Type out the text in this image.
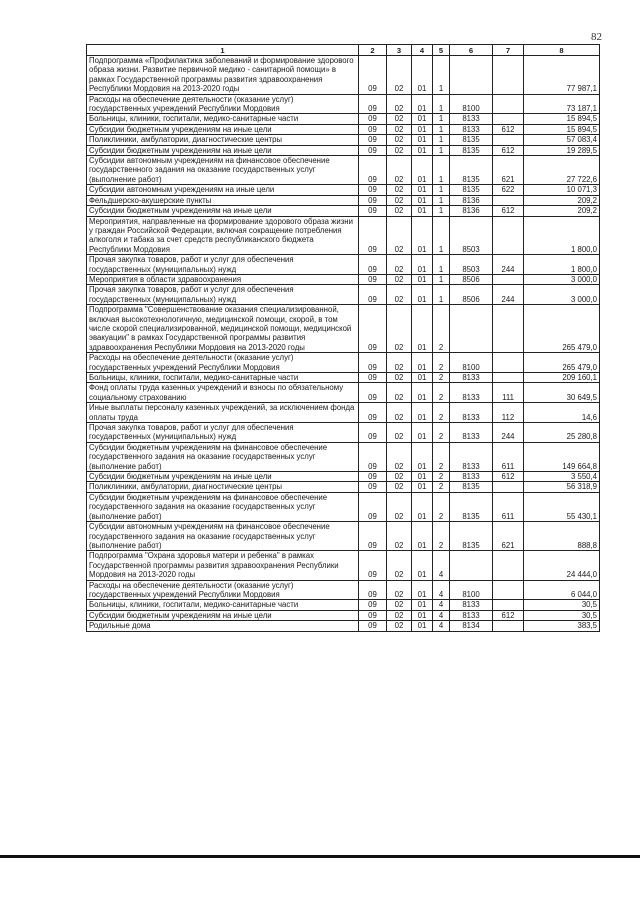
82
1	2	3	4	5	6	7	8
Подпрограмма «Профилактика заболеваний и формирование здорового образа жизни. Развитие первичной медико - санитарной помощи» в рамках Государственной программы развития здравоохранения Республики Мордовия на 2013-2020 годы	09	02	01	1			77 987,1
Расходы на обеспечение деятельности (оказание услуг) государственных учреждений Республики Мордовия	09	02	01	1	8100		73 187,1
Больницы, клиники, госпитали, медико-санитарные части	09	02	01	1	8133		15 894,5
Субсидии бюджетным учреждениям на иные цели	09	02	01	1	8133	612	15 894,5
Поликлиники, амбулатории, диагностические центры	09	02	01	1	8135		57 083,4
Субсидии бюджетным учреждениям на иные цели	09	02	01	1	8135	612	19 289,5
Субсидии автономным учреждениям на финансовое обеспечение государственного задания на оказание государственных услуг (выполнение работ)	09	02	01	1	8135	621	27 722,6
Субсидии автономным учреждениям на иные цели	09	02	01	1	8135	622	10 071,3
Фельдшерско-акушерские пункты	09	02	01	1	8136		209,2
Субсидии бюджетным учреждениям на иные цели	09	02	01	1	8136	612	209,2
Мероприятия, направленные на формирование здорового образа жизни у граждан Российской Федерации, включая сокращение потребления алкоголя и табака за счет средств республиканского бюджета Республики Мордовия	09	02	01	1	8503		1 800,0
Прочая закупка товаров, работ и услуг для обеспечения государственных (муниципальных) нужд	09	02	01	1	8503	244	1 800,0
Мероприятия в области здравоохранения	09	02	01	1	8506		3 000,0
Прочая закупка товаров, работ и услуг для обеспечения государственных (муниципальных) нужд	09	02	01	1	8506	244	3 000,0
Подпрограмма "Совершенствование оказания специализированной, включая высокотехнологичную, медицинской помощи, скорой, в том числе скорой специализированной, медицинской помощи, медицинской эвакуации" в рамках Государственной программы развития здравоохранения Республики Мордовия на 2013-2020 годы	09	02	01	2			265 479,0
Расходы на обеспечение деятельности (оказание услуг) государственных учреждений Республики Мордовия	09	02	01	2	8100		265 479,0
Больницы, клиники, госпитали, медико-санитарные части	09	02	01	2	8133		209 160,1
Фонд оплаты труда казенных учреждений и взносы по обязательному социальному страхованию	09	02	01	2	8133	111	30 649,5
Иные выплаты персоналу казенных учреждений, за исключением фонда оплаты труда	09	02	01	2	8133	112	14,6
Прочая закупка товаров, работ и услуг для обеспечения государственных (муниципальных) нужд	09	02	01	2	8133	244	25 280,8
Субсидии бюджетным учреждениям на финансовое обеспечение государственного задания на оказание государственных услуг (выполнение работ)	09	02	01	2	8133	611	149 664,8
Субсидии бюджетным учреждениям на иные цели	09	02	01	2	8133	612	3 550,4
Поликлиники, амбулатории, диагностические центры	09	02	01	2	8135		56 318,9
Субсидии бюджетным учреждениям на финансовое обеспечение государственного задания на оказание государственных услуг (выполнение работ)	09	02	01	2	8135	611	55 430,1
Субсидии автономным учреждениям на финансовое обеспечение государственного задания на оказание государственных услуг (выполнение работ)	09	02	01	2	8135	621	888,8
Подпрограмма "Охрана здоровья матери и ребенка" в рамках Государственной программы развития здравоохранения Республики Мордовия на 2013-2020 годы	09	02	01	4			24 444,0
Расходы на обеспечение деятельности (оказание услуг) государственных учреждений Республики Мордовия	09	02	01	4	8100		6 044,0
Больницы, клиники, госпитали, медико-санитарные части	09	02	01	4	8133		30,5
Субсидии бюджетным учреждениям на иные цели	09	02	01	4	8133	612	30,5
Родильные дома	09	02	01	4	8134		383,5
